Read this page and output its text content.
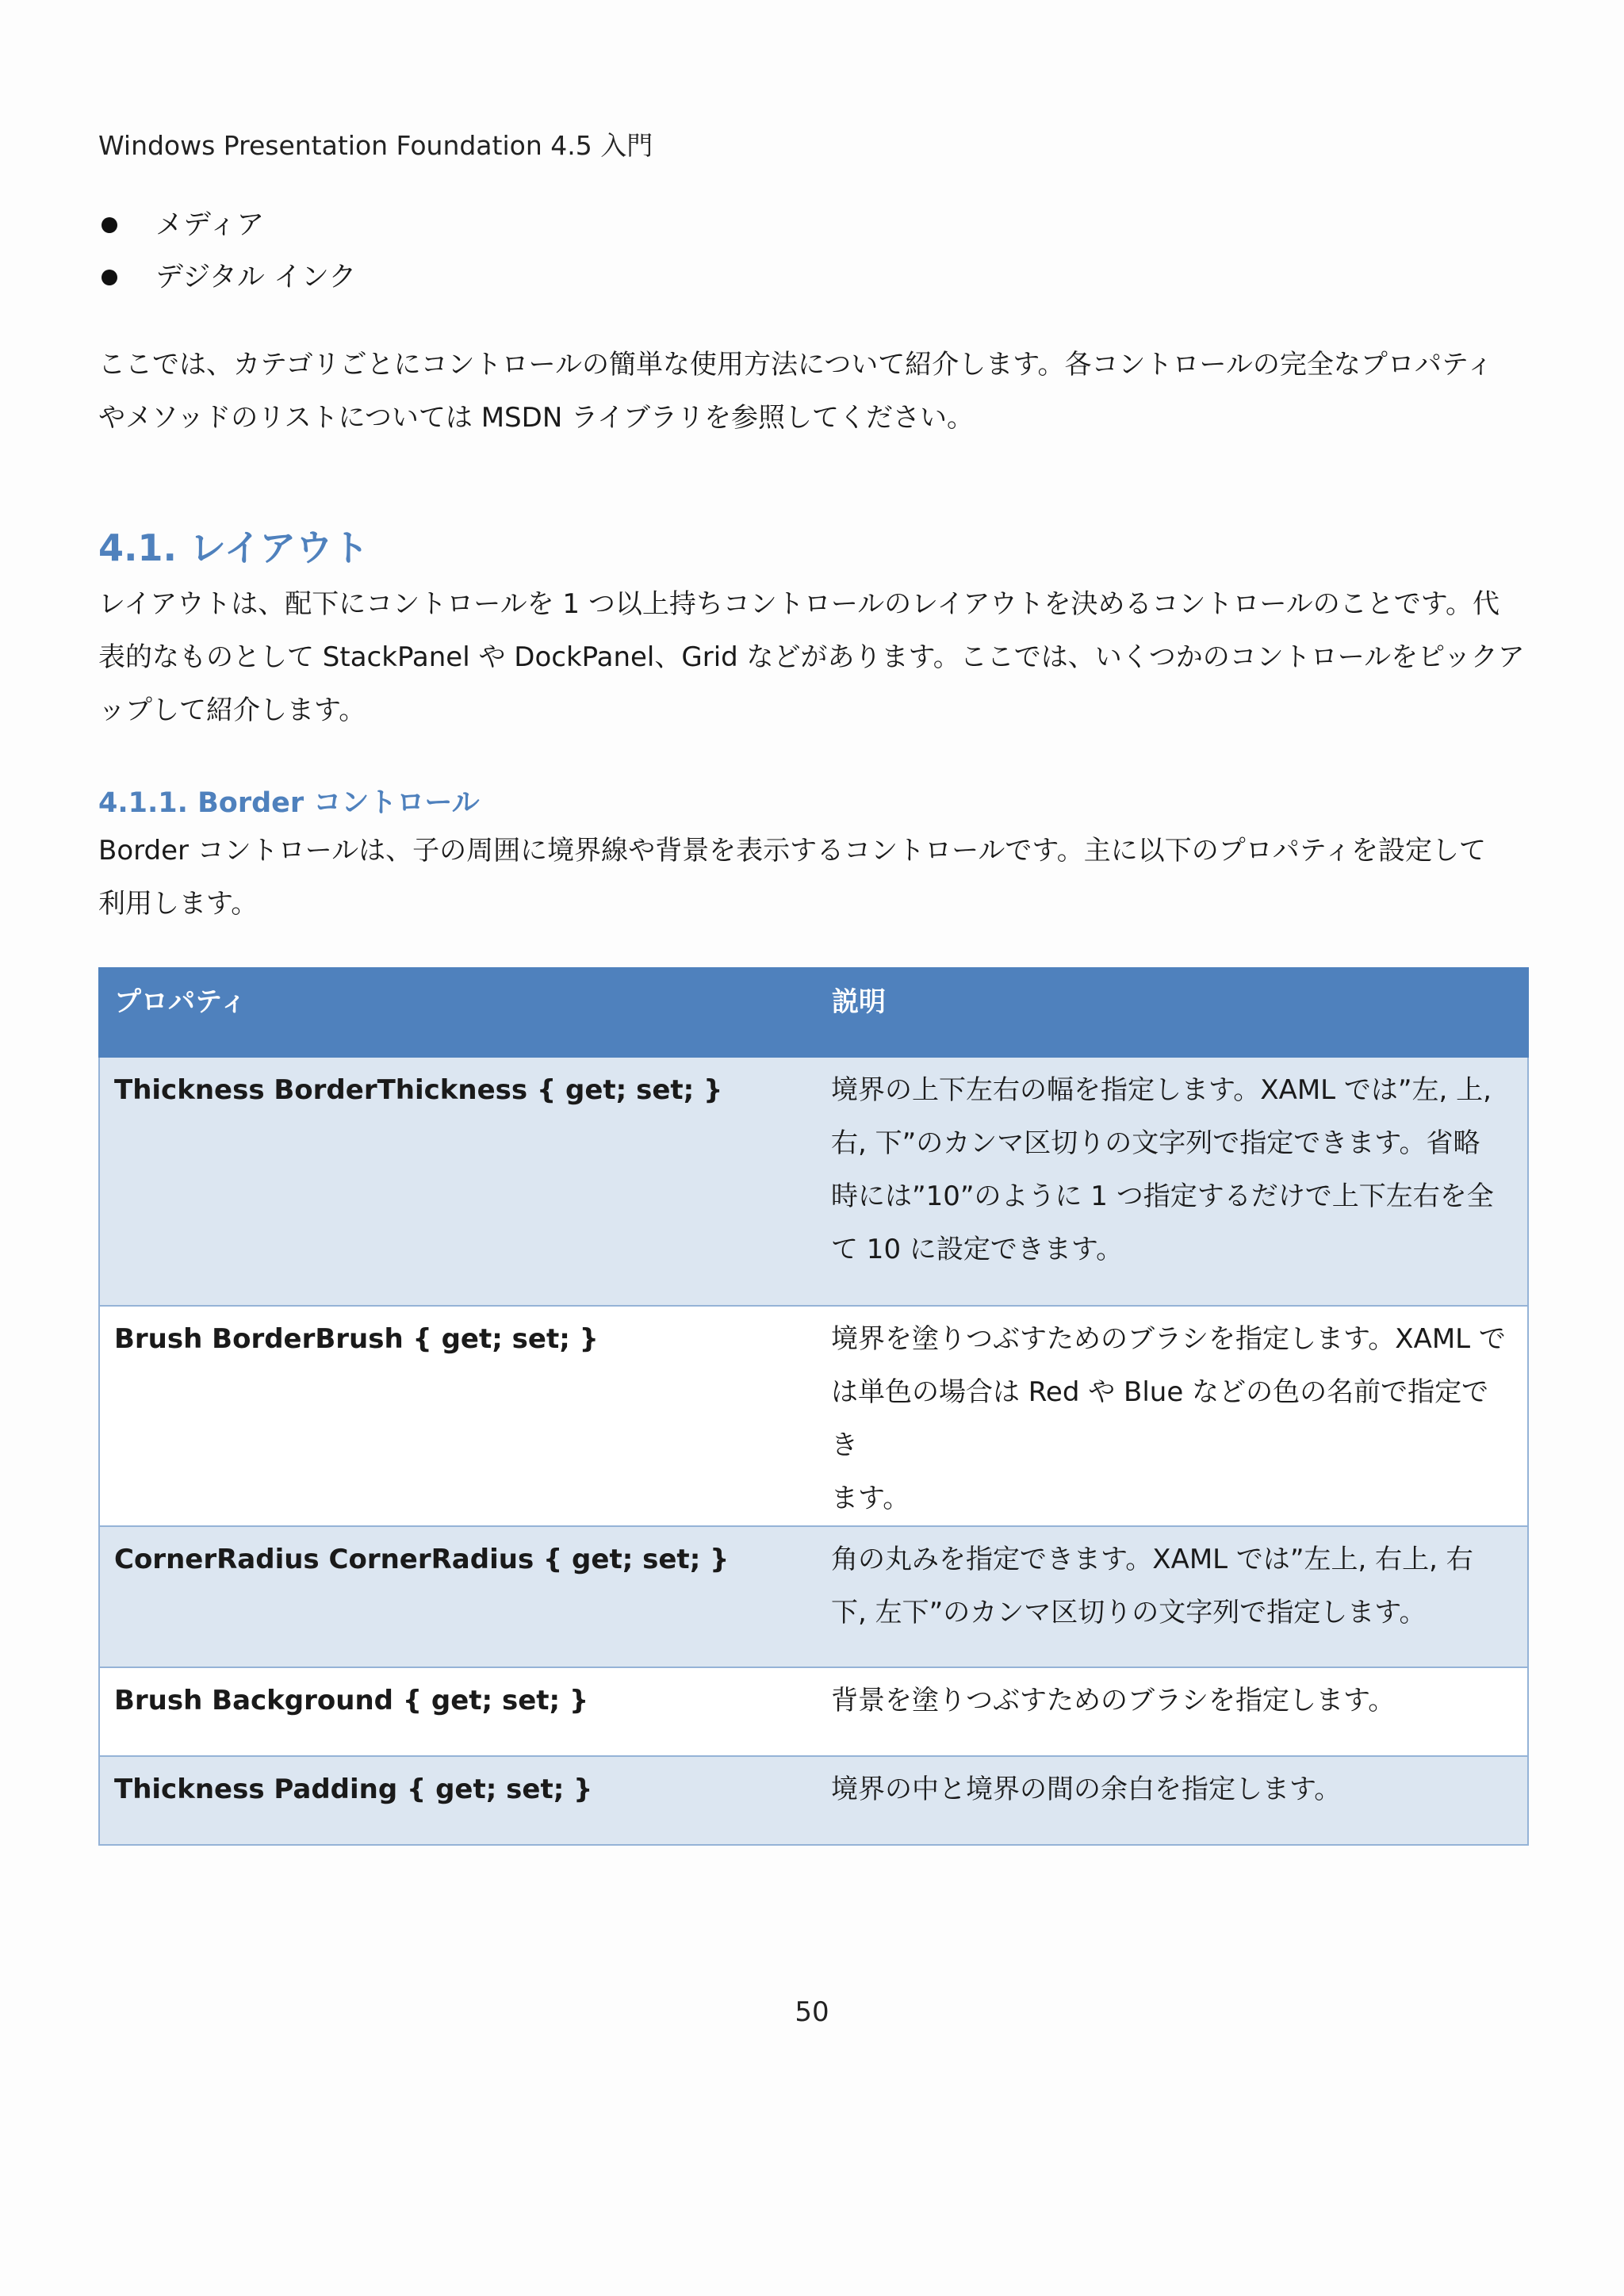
Windows Presentation Foundation 4.5 入門
メディア
デジタル インク

ここでは、カテゴリごとにコントロールの簡単な使用方法について紹介します。各コントロールの完全なプロパティ
やメソッドのリストについては MSDN ライブラリを参照してください。

4.1. レイアウト

レイアウトは、配下にコントロールを 1 つ以上持ちコントロールのレイアウトを決めるコントロールのことです。代
表的なものとして StackPanel や DockPanel、Grid などがあります。ここでは、いくつかのコントロールをピックア
ップして紹介します。

4.1.1. Border コントロール

Border コントロールは、子の周囲に境界線や背景を表示するコントロールです。主に以下のプロパティを設定して
利用します。

プロパティ	説明
Thickness BorderThickness { get; set; }	境界の上下左右の幅を指定します。XAML では”左, 上,
右, 下”のカンマ区切りの文字列で指定できます。省略
時には”10”のように 1 つ指定するだけで上下左右を全
て 10 に設定できます。
Brush BorderBrush { get; set; }	境界を塗りつぶすためのブラシを指定します。XAML で
は単色の場合は Red や Blue などの色の名前で指定でき
ます。
CornerRadius CornerRadius { get; set; }	角の丸みを指定できます。XAML では”左上, 右上, 右
下, 左下”のカンマ区切りの文字列で指定します。
Brush Background { get; set; }	背景を塗りつぶすためのブラシを指定します。
Thickness Padding { get; set; }	境界の中と境界の間の余白を指定します。
50
